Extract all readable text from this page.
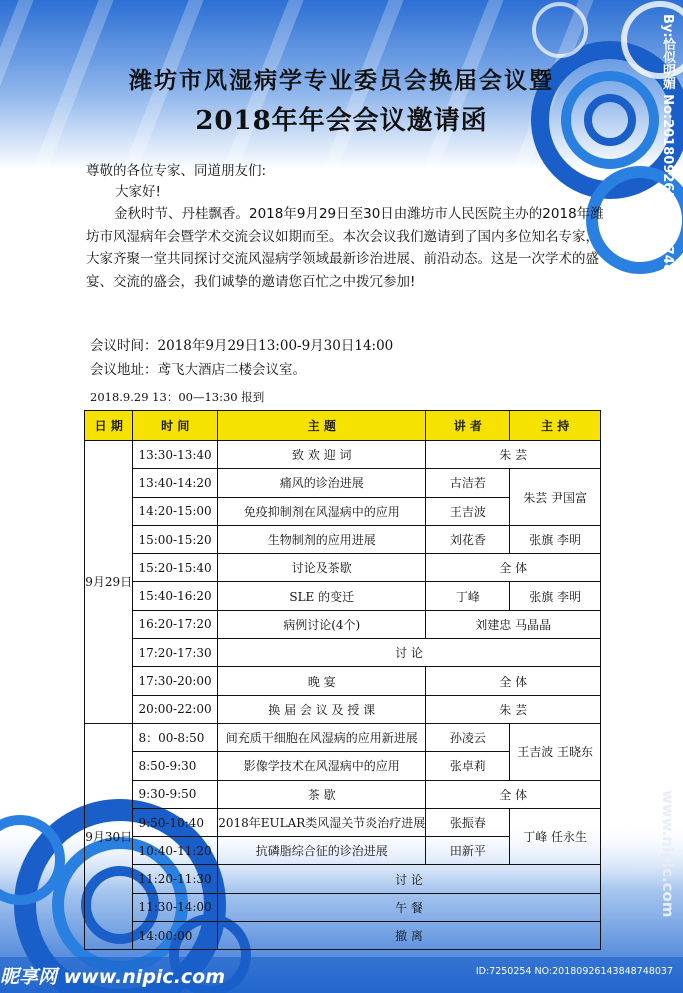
潍坊市风湿病学专业委员会换届会议暨
2018年年会会议邀请函
尊敬的各位专家、同道朋友们:
大家好!
金秋时节、丹桂飘香。2018年9月29日至30日由潍坊市人民医院主办的2018年潍坊市风湿病年会暨学术交流会议如期而至。本次会议我们邀请到了国内多位知名专家，大家齐聚一堂共同探讨交流风湿病学领域最新诊治进展、前沿动态。这是一次学术的盛宴、交流的盛会，我们诚挚的邀请您百忙之中拨冗参加!
会议时间：2018年9月29日13:00-9月30日14:00
会议地址：鸢飞大酒店二楼会议室。
2018.9.29 13：00—13:30 报到
日 期	时 间	主 题	讲 者	主 持
9月29日	13:30-13:40	致 欢 迎 词	朱 芸	
	13:40-14:20	痛风的诊治进展	古洁若	朱芸 尹国富
	14:20-15:00	免疫抑制剂在风湿病中的应用	王吉波	
	15:00-15:20	生物制剂的应用进展	刘花香	张旗 李明
	15:20-15:40	讨论及茶歇	全 体	
	15:40-16:20	SLE 的变迁	丁峰	张旗 李明
	16:20-17:20	病例讨论(4个)	刘建忠 马晶晶	
	17:20-17:30	讨 论		
	17:30-20:00	晚 宴	全 体	
	20:00-22:00	换 届 会 议 及 授 课	朱 芸	
9月30日	8：00-8:50	间充质干细胞在风湿病的应用新进展	孙凌云	王吉波 王晓东
	8:50-9:30	影像学技术在风湿病中的应用	张卓莉	
	9:30-9:50	茶 歇	全 体	
	9:50-10:40	2018年EULAR类风湿关节炎治疗进展	张振春	丁峰 任永生
	10:40-11:20	抗磷脂综合征的诊治进展	田新平	
	11:20-11:30	讨 论		
	11:30-14:00	午 餐		
	14:00:00	撤 离		
By:恰似明媚 No:20180926143848748037
www.nipic.com
昵享网 www.nipic.com	ID:7250254 NO:20180926143848748037
